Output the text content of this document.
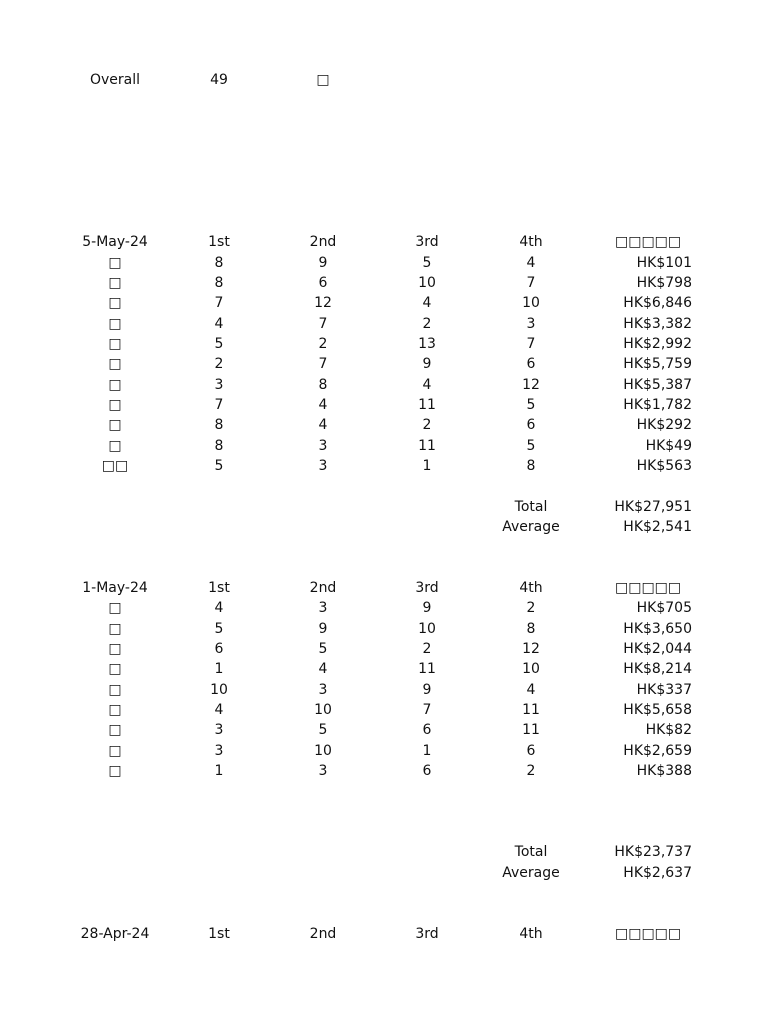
Overall	49	□
5-May-24	1st	2nd	3rd	4th	□□□□□
□	8	9	5	4	HK$101
□	8	6	10	7	HK$798
□	7	12	4	10	HK$6,846
□	4	7	2	3	HK$3,382
□	5	2	13	7	HK$2,992
□	2	7	9	6	HK$5,759
□	3	8	4	12	HK$5,387
□	7	4	11	5	HK$1,782
□	8	4	2	6	HK$292
□	8	3	11	5	HK$49
□□	5	3	1	8	HK$563
Total	HK$27,951
Average	HK$2,541
1-May-24	1st	2nd	3rd	4th	□□□□□
□	4	3	9	2	HK$705
□	5	9	10	8	HK$3,650
□	6	5	2	12	HK$2,044
□	1	4	11	10	HK$8,214
□	10	3	9	4	HK$337
□	4	10	7	11	HK$5,658
□	3	5	6	11	HK$82
□	3	10	1	6	HK$2,659
□	1	3	6	2	HK$388
Total	HK$23,737
Average	HK$2,637
28-Apr-24	1st	2nd	3rd	4th	□□□□□
